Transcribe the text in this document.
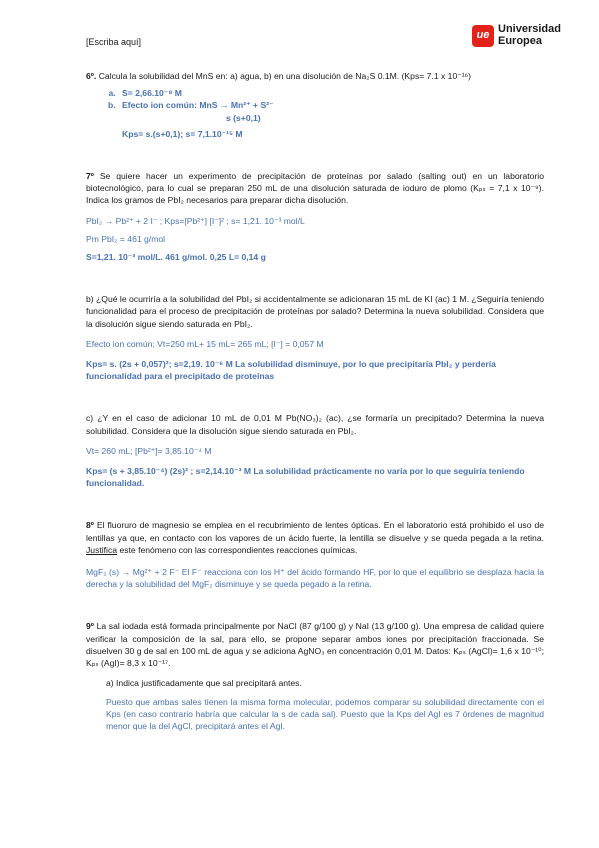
[Escriba aquí]
ue Universidad
Europea

6º. Calcula la solubilidad del MnS en: a) agua, b) en una disolución de Na₂S 0.1M. (Kps= 7.1 x 10⁻¹⁶)

a. S= 2,66.10⁻⁸ M
b. Efecto ion común: MnS → Mn²⁺ + S²⁻
s (s+0,1)
Kps= s.(s+0,1); s= 7,1.10⁻¹⁵ M

7º Se quiere hacer un experimento de precipitación de proteínas por salado (salting out) en un laboratorio biotecnológico, para lo cual se preparan 250 mL de una disolución saturada de ioduro de plomo (Kₚₛ = 7,1 x 10⁻⁹). Indica los gramos de PbI₂ necesarios para preparar dicha disolución.

PbI₂ → Pb²⁺ + 2 I⁻ ; Kps=[Pb²⁺] [I⁻]² ; s= 1,21. 10⁻³ mol/L

Pm PbI₂ = 461 g/mol

S=1,21. 10⁻³ mol/L. 461 g/mol. 0,25 L= 0,14 g

b) ¿Qué le ocurriría a la solubilidad del PbI₂ si accidentalmente se adicionaran 15 mL de KI (ac) 1 M. ¿Seguiría teniendo funcionalidad para el proceso de precipitación de proteínas por salado? Determina la nueva solubilidad. Considera que la disolución sigue siendo saturada en PbI₂.

Efecto ion común; Vt=250 mL+ 15 mL= 265 mL; [I⁻] = 0,057 M

Kps= s. (2s + 0,057)²; s=2,19. 10⁻⁶ M La solubilidad disminuye, por lo que precipitaría PbI₂ y perdería funcionalidad para el precipitado de proteínas

c) ¿Y en el caso de adicionar 10 mL de 0,01 M Pb(NO₃)₂ (ac), ¿se formaría un precipitado? Determina la nueva solubilidad. Considera que la disolución sigue siendo saturada en PbI₂.

Vt= 260 mL; [Pb²⁺]= 3,85.10⁻⁴ M

Kps= (s + 3,85.10⁻⁴) (2s)² ; s=2,14.10⁻³ M La solubilidad prácticamente no varía por lo que seguiría teniendo funcionalidad.

8º El fluoruro de magnesio se emplea en el recubrimiento de lentes ópticas. En el laboratorio está prohibido el uso de lentillas ya que, en contacto con los vapores de un ácido fuerte, la lentilla se disuelve y se queda pegada a la retina. Justifica este fenómeno con las correspondientes reacciones químicas.

MgF₂ (s) → Mg²⁺ + 2 F⁻ El F⁻ reacciona con los H⁺ del ácido formando HF, por lo que el equilibrio se desplaza hacia la derecha y la solubilidad del MgF₂ disminuye y se queda pegado a la retina.

9º La sal iodada está formada principalmente por NaCl (87 g/100 g) y NaI (13 g/100 g). Una empresa de calidad quiere verificar la composición de la sal, para ello, se propone separar ambos iones por precipitación fraccionada. Se disuelven 30 g de sal en 100 mL de agua y se adiciona AgNO₃ en concentración 0,01 M. Datos: Kₚₛ (AgCl)= 1,6 x 10⁻¹⁰; Kₚₛ (AgI)= 8,3 x 10⁻¹⁷.

a) Indica justificadamente que sal precipitará antes.

Puesto que ambas sales tienen la misma forma molecular, podemos comparar su solubilidad directamente con el Kps (en caso contrario habría que calcular la s de cada sal). Puesto que la Kps del AgI es 7 órdenes de magnitud menor que la del AgCl, precipitará antes el AgI.
